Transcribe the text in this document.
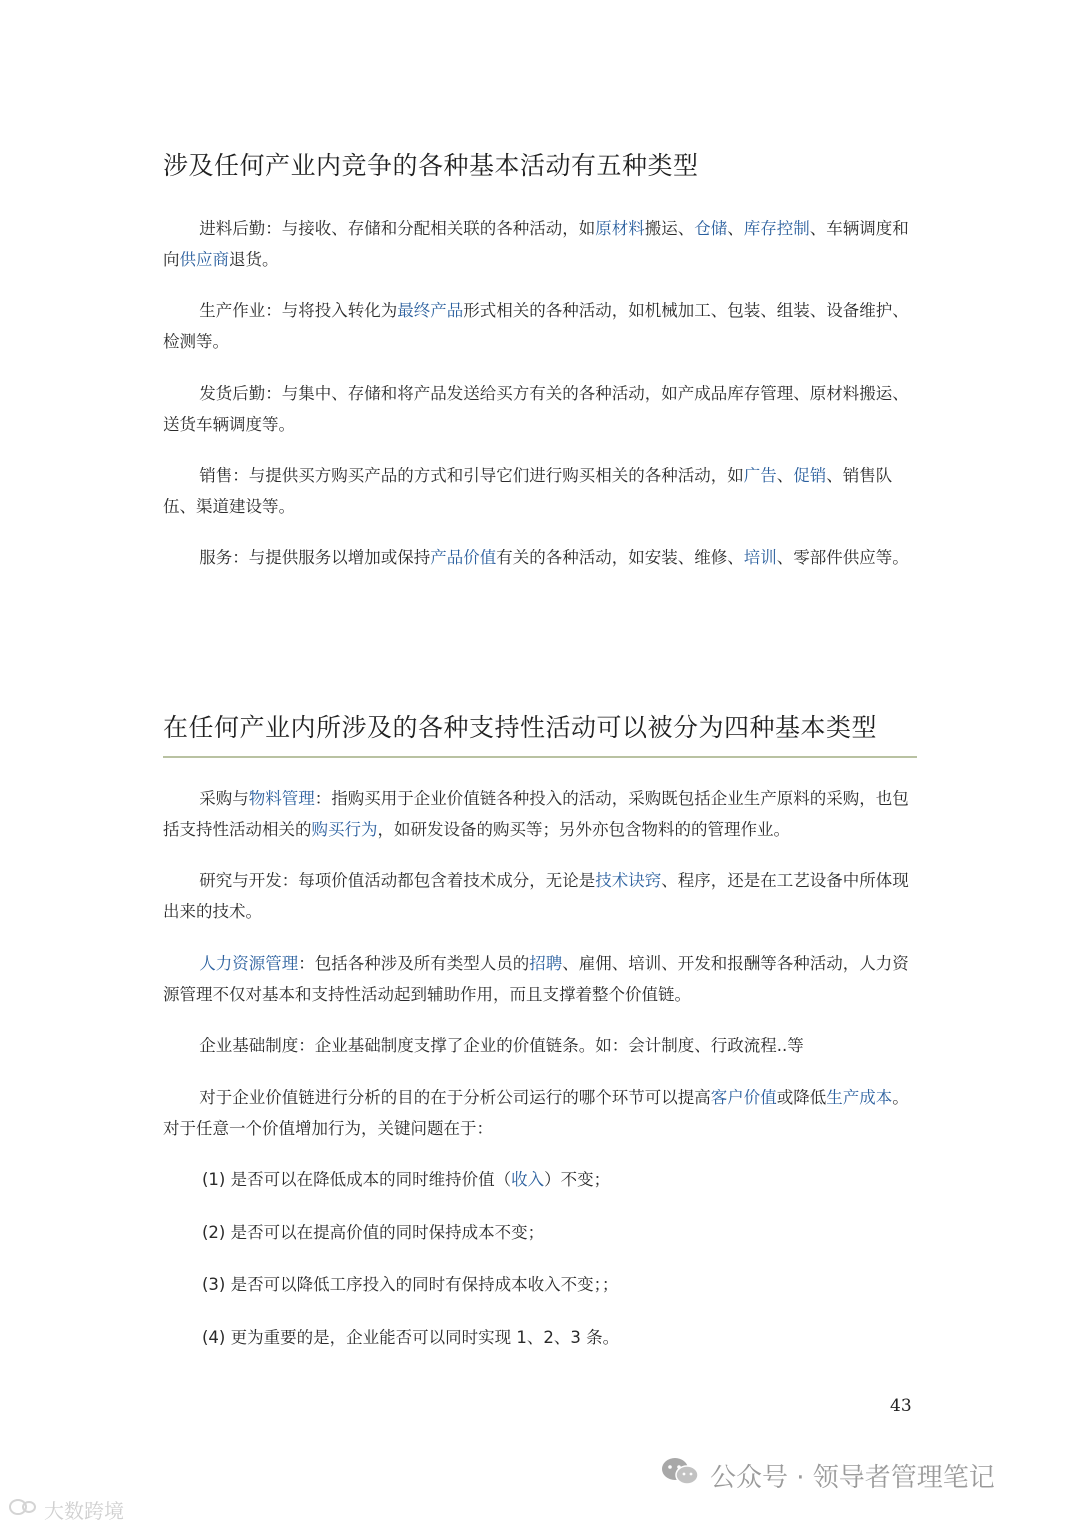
涉及任何产业内竞争的各种基本活动有五种类型

进料后勤：与接收、存储和分配相关联的各种活动，如原材料搬运、仓储、库存控制、车辆调度和向供应商退货。

生产作业：与将投入转化为最终产品形式相关的各种活动，如机械加工、包装、组装、设备维护、检测等。

发货后勤：与集中、存储和将产品发送给买方有关的各种活动，如产成品库存管理、原材料搬运、送货车辆调度等。

销售：与提供买方购买产品的方式和引导它们进行购买相关的各种活动，如广告、促销、销售队伍、渠道建设等。

服务：与提供服务以增加或保持产品价值有关的各种活动，如安装、维修、培训、零部件供应等。

在任何产业内所涉及的各种支持性活动可以被分为四种基本类型

采购与物料管理：指购买用于企业价值链各种投入的活动，采购既包括企业生产原料的采购，也包括支持性活动相关的购买行为，如研发设备的购买等；另外亦包含物料的的管理作业。

研究与开发：每项价值活动都包含着技术成分，无论是技术诀窍、程序，还是在工艺设备中所体现出来的技术。

人力资源管理：包括各种涉及所有类型人员的招聘、雇佣、培训、开发和报酬等各种活动，人力资源管理不仅对基本和支持性活动起到辅助作用，而且支撑着整个价值链。

企业基础制度：企业基础制度支撑了企业的价值链条。如：会计制度、行政流程..等

对于企业价值链进行分析的目的在于分析公司运行的哪个环节可以提高客户价值或降低生产成本。对于任意一个价值增加行为，关键问题在于：

(1) 是否可以在降低成本的同时维持价值（收入）不变；

(2) 是否可以在提高价值的同时保持成本不变；

(3) 是否可以降低工序投入的同时有保持成本收入不变；；

(4) 更为重要的是，企业能否可以同时实现 1、2、3 条。

43
大数跨境
公众号 · 领导者管理笔记
